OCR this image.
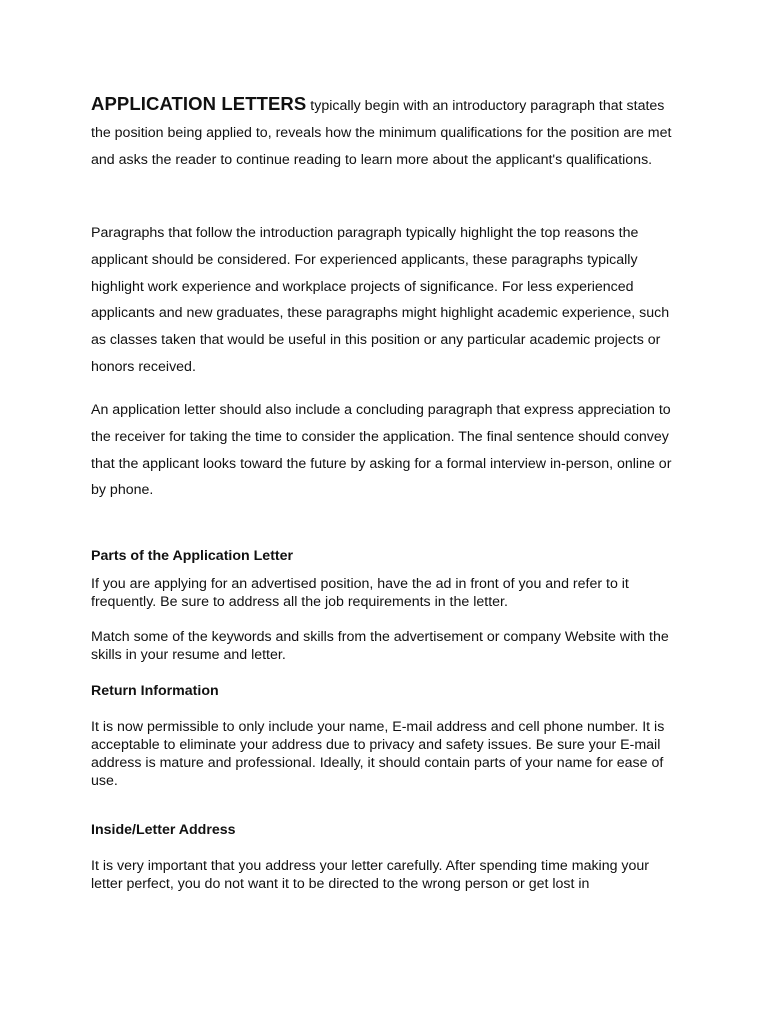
APPLICATION LETTERS typically begin with an introductory paragraph that states the position being applied to, reveals how the minimum qualifications for the position are met and asks the reader to continue reading to learn more about the applicant's qualifications.

Paragraphs that follow the introduction paragraph typically highlight the top reasons the applicant should be considered. For experienced applicants, these paragraphs typically highlight work experience and workplace projects of significance. For less experienced applicants and new graduates, these paragraphs might highlight academic experience, such as classes taken that would be useful in this position or any particular academic projects or honors received.

An application letter should also include a concluding paragraph that express appreciation to the receiver for taking the time to consider the application. The final sentence should convey that the applicant looks toward the future by asking for a formal interview in-person, online or by phone.

Parts of the Application Letter

If you are applying for an advertised position, have the ad in front of you and refer to it frequently. Be sure to address all the job requirements in the letter.

Match some of the keywords and skills from the advertisement or company Website with the skills in your resume and letter.

Return Information

It is now permissible to only include your name, E-mail address and cell phone number. It is acceptable to eliminate your address due to privacy and safety issues. Be sure your E-mail address is mature and professional. Ideally, it should contain parts of your name for ease of use.

Inside/Letter Address

It is very important that you address your letter carefully. After spending time making your letter perfect, you do not want it to be directed to the wrong person or get lost in
